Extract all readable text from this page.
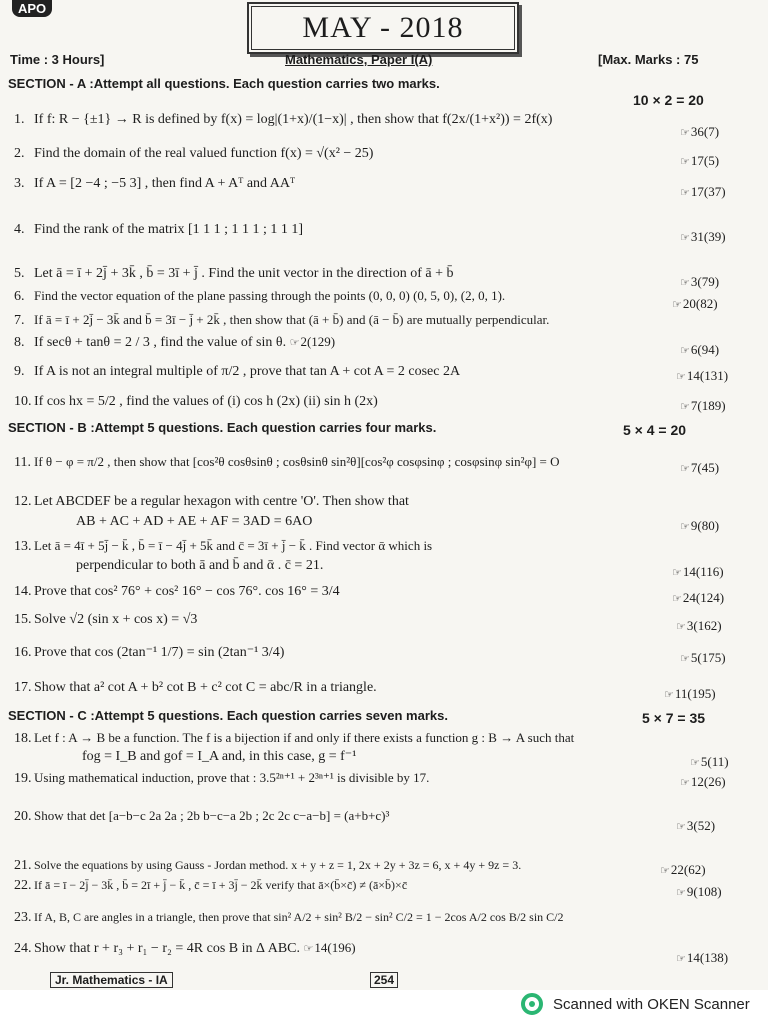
APO
MAY - 2018
Time : 3 Hours]	Mathematics, Paper I(A)	[Max. Marks : 75
SECTION - A :Attempt all questions. Each question carries two marks.
10 × 2 = 20
1. If f: R − {±1} → R is defined by f(x) = log|(1+x)/(1−x)| , then show that f(2x/(1+x²)) = 2f(x)
☞36(7)
2. Find the domain of the real valued function f(x) = √(x² − 25)
☞17(5)
3. If A = [2 −4 ; −5 3] , then find A + Aᵀ and AAᵀ
☞17(37)
4. Find the rank of the matrix [1 1 1 ; 1 1 1 ; 1 1 1]
☞31(39)
5. Let ā = ī + 2j̄ + 3k̄ , b̄ = 3ī + j̄ . Find the unit vector in the direction of ā + b̄
☞3(79)
6. Find the vector equation of the plane passing through the points (0, 0, 0) (0, 5, 0), (2, 0, 1).
☞20(82)
7. If ā = ī + 2j̄ − 3k̄ and b̄ = 3ī − j̄ + 2k̄ , then show that (ā + b̄) and (ā − b̄) are mutually perpendicular.
8. If secθ + tanθ = 2 / 3 , find the value of sin θ. ☞2(129)
☞6(94)
9. If A is not an integral multiple of π/2 , prove that tan A + cot A = 2 cosec 2A	☞14(131)
10. If cos hx = 5/2 , find the values of (i) cos h (2x) (ii) sin h (2x)	☞7(189)
SECTION - B :Attempt 5 questions. Each question carries four marks.	5 × 4 = 20
11. If θ − φ = π/2 , then show that [cos²θ cosθsinθ ; cosθsinθ sin²θ][cos²φ cosφsinφ ; cosφsinφ sin²φ] = O	☞7(45)
12. Let ABCDEF be a regular hexagon with centre 'O'. Then show that
AB + AC + AD + AE + AF = 3AD = 6AO	☞9(80)
13. Let ā = 4ī + 5j̄ − k̄ , b̄ = ī − 4j̄ + 5k̄ and c̄ = 3ī + j̄ − k̄ . Find vector ᾱ which is
perpendicular to both ā and b̄ and ᾱ . c̄ = 21.	☞14(116)
14. Prove that cos² 76° + cos² 16° − cos 76°. cos 16° = 3/4	☞24(124)
15. Solve √2 (sin x + cos x) = √3	☞3(162)
16. Prove that cos (2tan⁻¹ 1/7) = sin (2tan⁻¹ 3/4)	☞5(175)
17. Show that a² cot A + b² cot B + c² cot C = abc/R in a triangle.	☞11(195)
SECTION - C :Attempt 5 questions. Each question carries seven marks.	5 × 7 = 35
18. Let f : A → B be a function. The f is a bijection if and only if there exists a function g : B → A such that
fog = I_B and gof = I_A and, in this case, g = f⁻¹	☞5(11)
19. Using mathematical induction, prove that : 3.5²ⁿ⁺¹ + 2³ⁿ⁺¹ is divisible by 17.	☞12(26)
20. Show that det [a−b−c 2a 2a ; 2b b−c−a 2b ; 2c 2c c−a−b] = (a+b+c)³
☞3(52)
21. Solve the equations by using Gauss - Jordan method. x + y + z = 1, 2x + 2y + 3z = 6, x + 4y + 9z = 3.	☞22(62)
22. If ā = ī − 2j̄ − 3k̄ , b̄ = 2ī + j̄ − k̄ , c̄ = ī + 3j̄ − 2k̄ verify that ā×(b̄×c̄) ≠ (ā×b̄)×c̄
☞9(108)
23. If A, B, C are angles in a triangle, then prove that sin² A/2 + sin² B/2 − sin² C/2 = 1 − 2cos A/2 cos B/2 sin C/2
24. Show that r + r₃ + r₁ − r₂ = 4R cos B in Δ ABC. ☞14(196)
☞14(138)
Jr. Mathematics - IA	254
Scanned with OKEN Scanner
